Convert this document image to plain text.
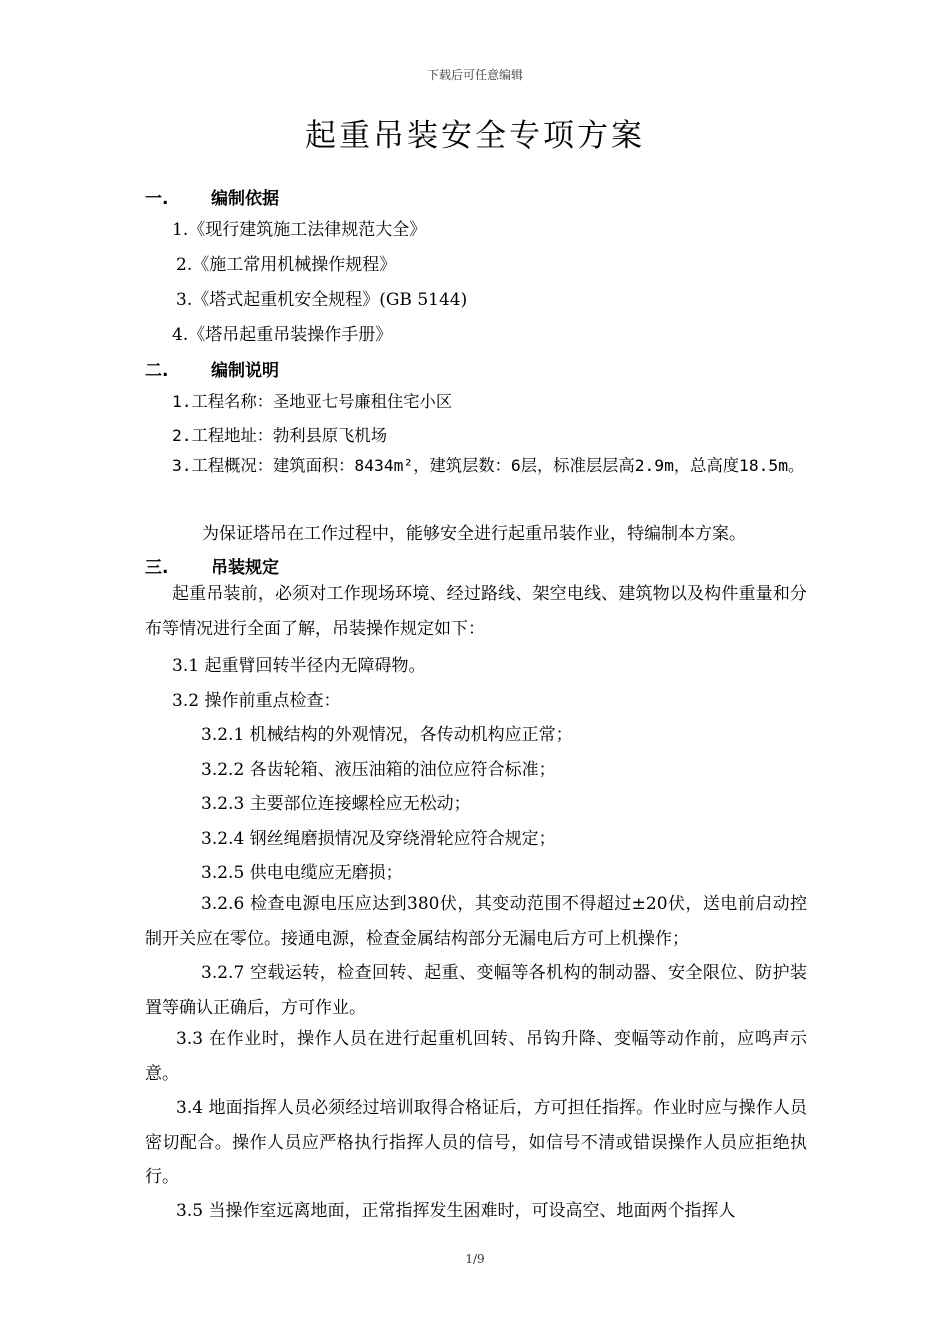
下载后可任意编辑
起重吊装安全专项方案
一.	编制依据
1.《现行建筑施工法律规范大全》
2.《施工常用机械操作规程》
3.《塔式起重机安全规程》(GB 5144)
4.《塔吊起重吊装操作手册》
二.	编制说明
1.工程名称：圣地亚七号廉租住宅小区
2.工程地址：勃利县原飞机场
3.工程概况：建筑面积：8434m²，建筑层数：6层，标准层层高2.9m，总高度18.5m。
为保证塔吊在工作过程中，能够安全进行起重吊装作业，特编制本方案。
三.	吊装规定
起重吊装前，必须对工作现场环境、经过路线、架空电线、建筑物以及构件重量和分布等情况进行全面了解，吊装操作规定如下：
3.1 起重臂回转半径内无障碍物。
3.2 操作前重点检查：
3.2.1 机械结构的外观情况，各传动机构应正常；
3.2.2 各齿轮箱、液压油箱的油位应符合标准；
3.2.3 主要部位连接螺栓应无松动；
3.2.4 钢丝绳磨损情况及穿绕滑轮应符合规定；
3.2.5 供电电缆应无磨损；
3.2.6 检查电源电压应达到380伏，其变动范围不得超过±20伏，送电前启动控制开关应在零位。接通电源，检查金属结构部分无漏电后方可上机操作；
3.2.7 空载运转，检查回转、起重、变幅等各机构的制动器、安全限位、防护装置等确认正确后，方可作业。
3.3 在作业时，操作人员在进行起重机回转、吊钩升降、变幅等动作前，应鸣声示意。
3.4 地面指挥人员必须经过培训取得合格证后，方可担任指挥。作业时应与操作人员密切配合。操作人员应严格执行指挥人员的信号，如信号不清或错误操作人员应拒绝执行。
3.5 当操作室远离地面，正常指挥发生困难时，可设高空、地面两个指挥人
1/9
